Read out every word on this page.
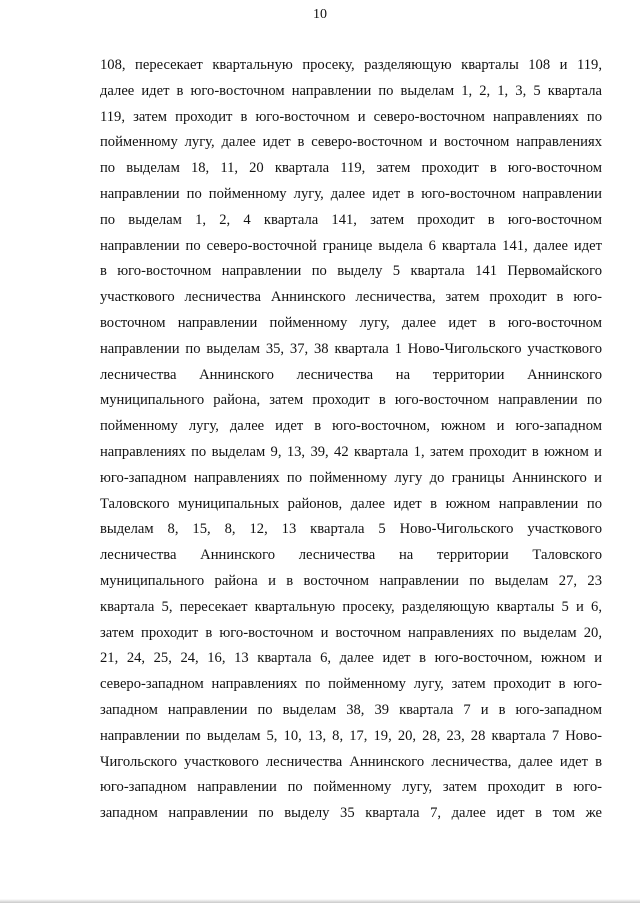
10
108, пересекает квартальную просеку, разделяющую кварталы 108 и 119,
далее идет в юго-восточном направлении по выделам 1, 2, 1, 3, 5 квартала
119, затем проходит в юго-восточном и северо-восточном направлениях по
пойменному лугу, далее идет в северо-восточном и восточном направлениях
по выделам 18, 11, 20 квартала 119, затем проходит в юго-восточном
направлении по пойменному лугу, далее идет в юго-восточном направлении
по выделам 1, 2, 4 квартала 141, затем проходит в юго-восточном
направлении по северо-восточной границе выдела 6 квартала 141, далее идет
в юго-восточном направлении по выделу 5 квартала 141 Первомайского
участкового лесничества Аннинского лесничества, затем проходит в юго-
восточном направлении пойменному лугу, далее идет в юго-восточном
направлении по выделам 35, 37, 38 квартала 1 Ново-Чигольского участкового
лесничества Аннинского лесничества на территории Аннинского
муниципального района, затем проходит в юго-восточном направлении по
пойменному лугу, далее идет в юго-восточном, южном и юго-западном
направлениях по выделам 9, 13, 39, 42 квартала 1, затем проходит в южном и
юго-западном направлениях по пойменному лугу до границы Аннинского и
Таловского муниципальных районов, далее идет в южном направлении по
выделам 8, 15, 8, 12, 13 квартала 5 Ново-Чигольского участкового
лесничества Аннинского лесничества на территории Таловского
муниципального района и в восточном направлении по выделам 27, 23
квартала 5, пересекает квартальную просеку, разделяющую кварталы 5 и 6,
затем проходит в юго-восточном и восточном направлениях по выделам 20,
21, 24, 25, 24, 16, 13 квартала 6, далее идет в юго-восточном, южном и
северо-западном направлениях по пойменному лугу, затем проходит в юго-
западном направлении по выделам 38, 39 квартала 7 и в юго-западном
направлении по выделам 5, 10, 13, 8, 17, 19, 20, 28, 23, 28 квартала 7 Ново-
Чигольского участкового лесничества Аннинского лесничества, далее идет в
юго-западном направлении по пойменному лугу, затем проходит в юго-
западном направлении по выделу 35 квартала 7, далее идет в том же
